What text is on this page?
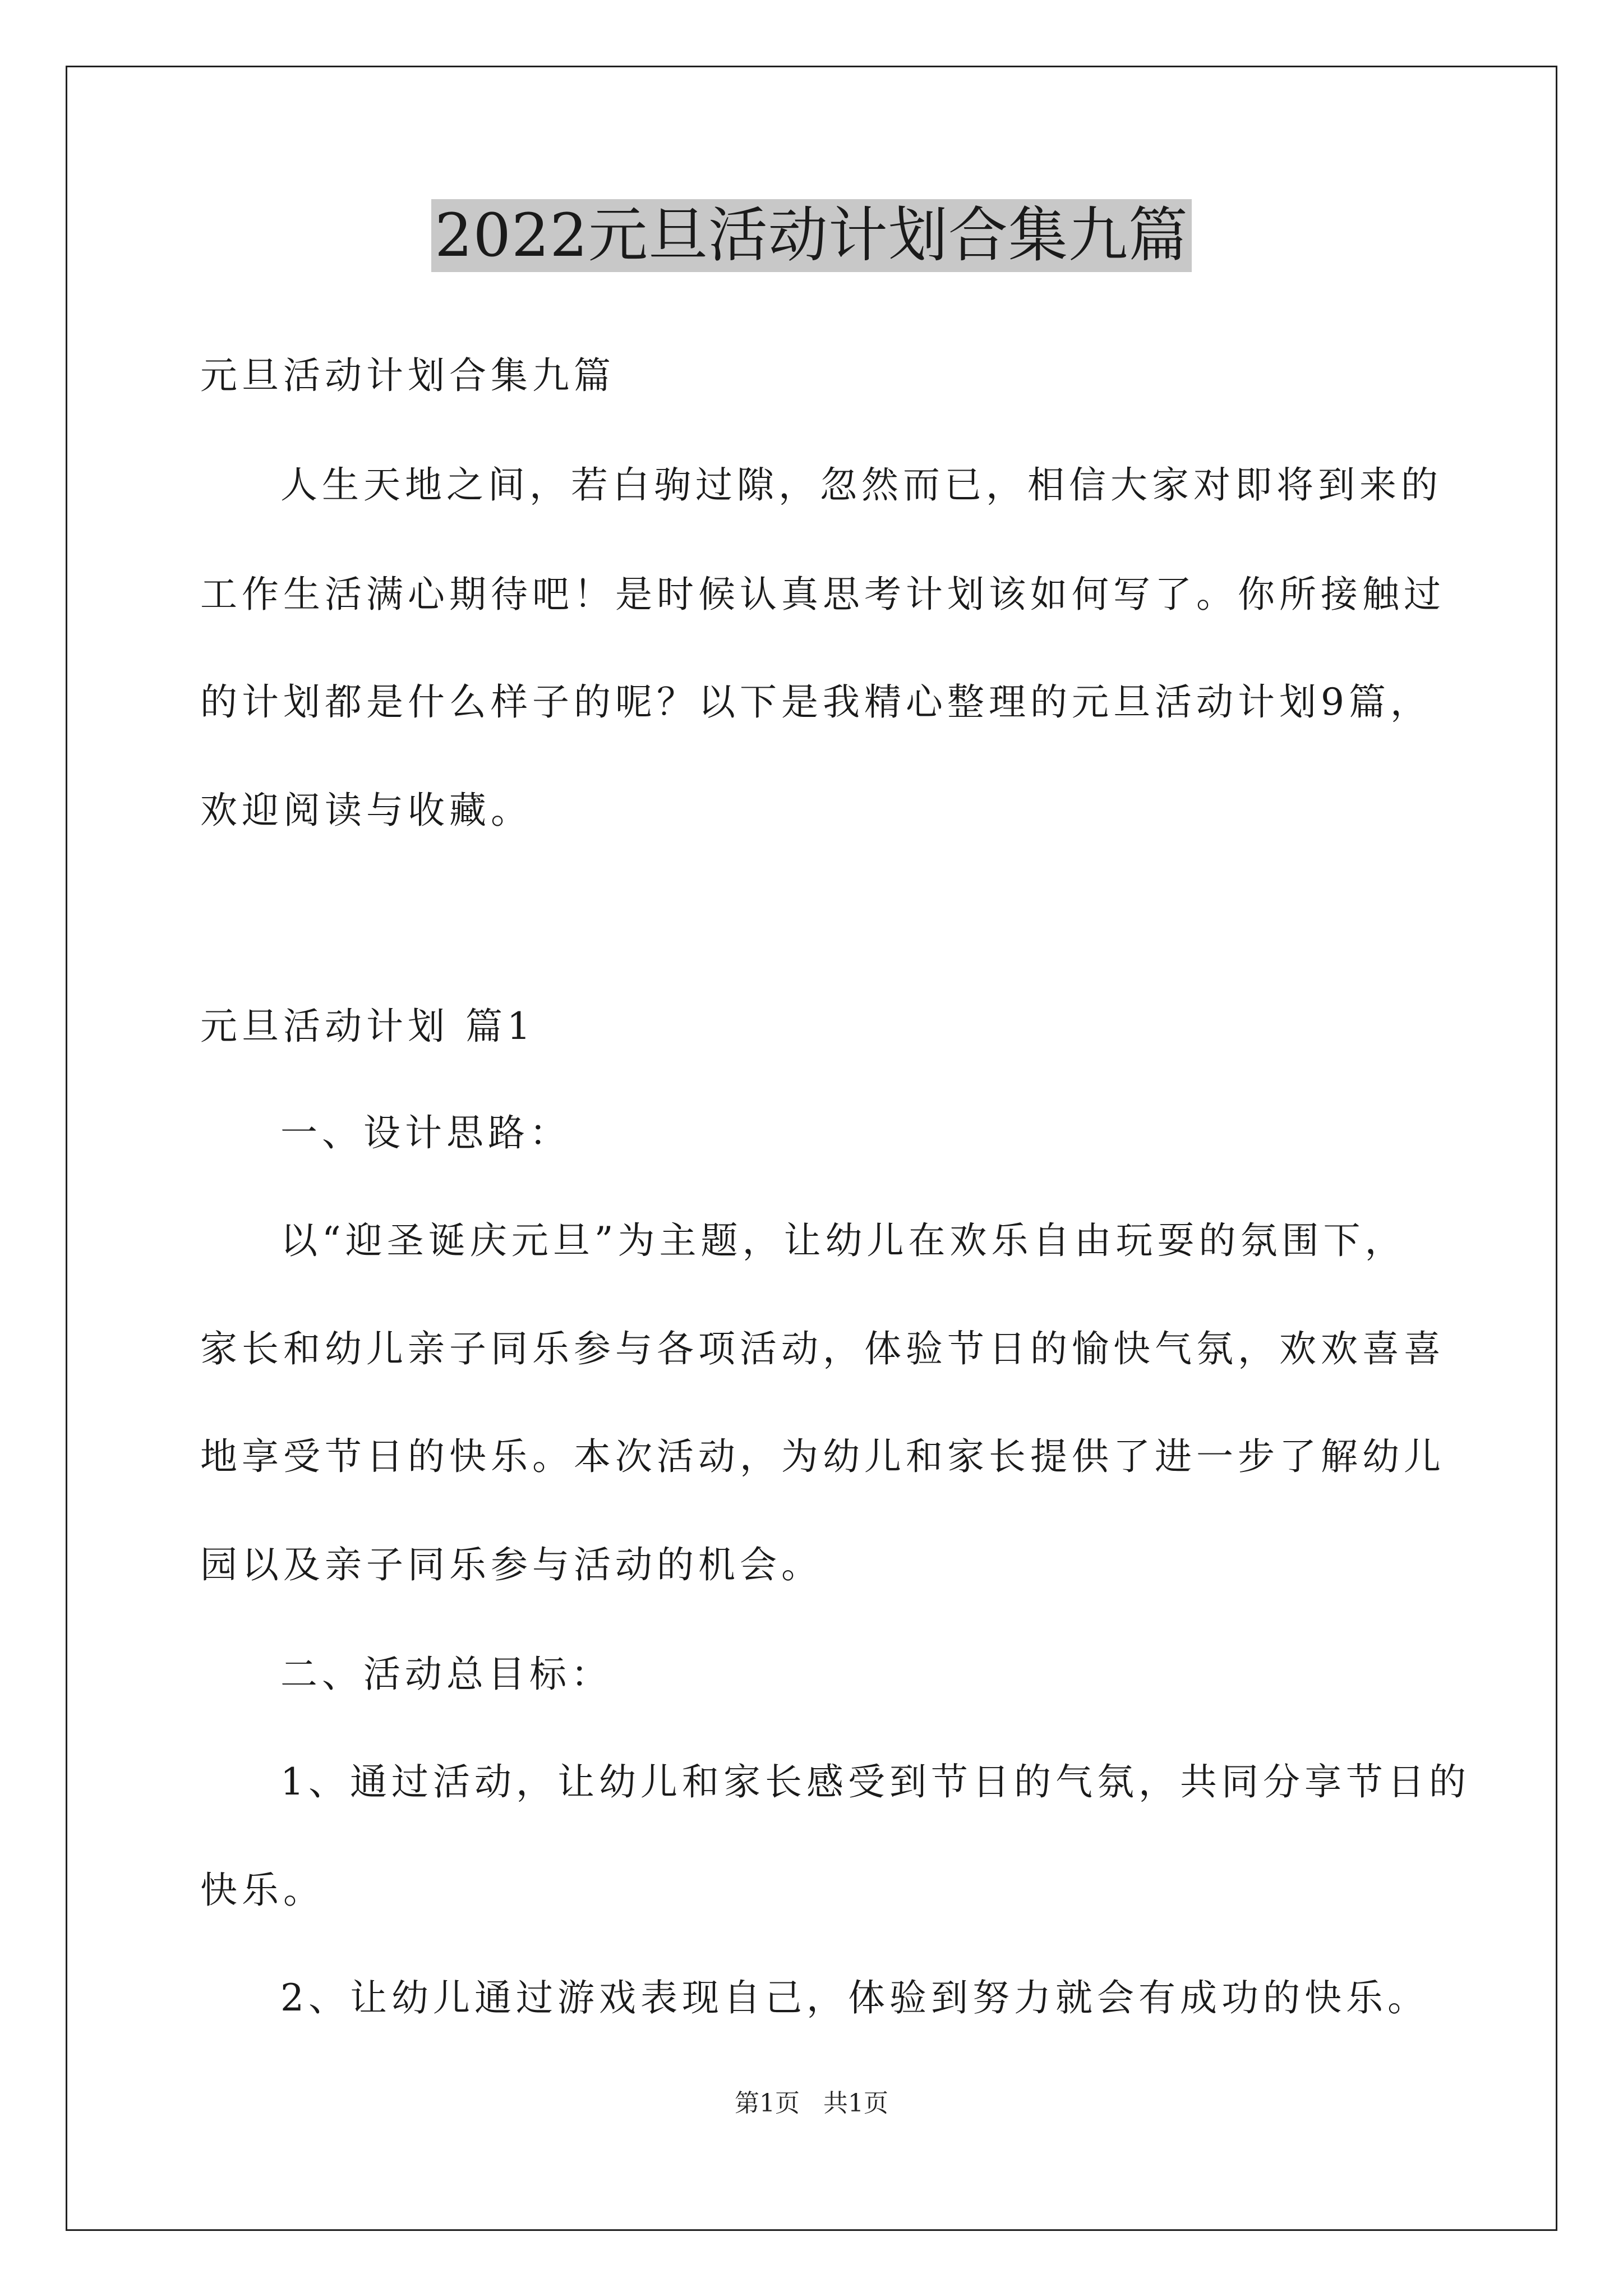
2022元旦活动计划合集九篇
元旦活动计划合集九篇
人生天地之间，若白驹过隙，忽然而已，相信大家对即将到来的
工作生活满心期待吧！是时候认真思考计划该如何写了。你所接触过
的计划都是什么样子的呢？以下是我精心整理的元旦活动计划9篇，
欢迎阅读与收藏。
元旦活动计划 篇1
一、设计思路：
以“迎圣诞庆元旦”为主题，让幼儿在欢乐自由玩耍的氛围下，
家长和幼儿亲子同乐参与各项活动，体验节日的愉快气氛，欢欢喜喜
地享受节日的快乐。本次活动，为幼儿和家长提供了进一步了解幼儿
园以及亲子同乐参与活动的机会。
二、活动总目标：
1、通过活动，让幼儿和家长感受到节日的气氛，共同分享节日的
快乐。
2、让幼儿通过游戏表现自己，体验到努力就会有成功的快乐。
第1页 共1页
